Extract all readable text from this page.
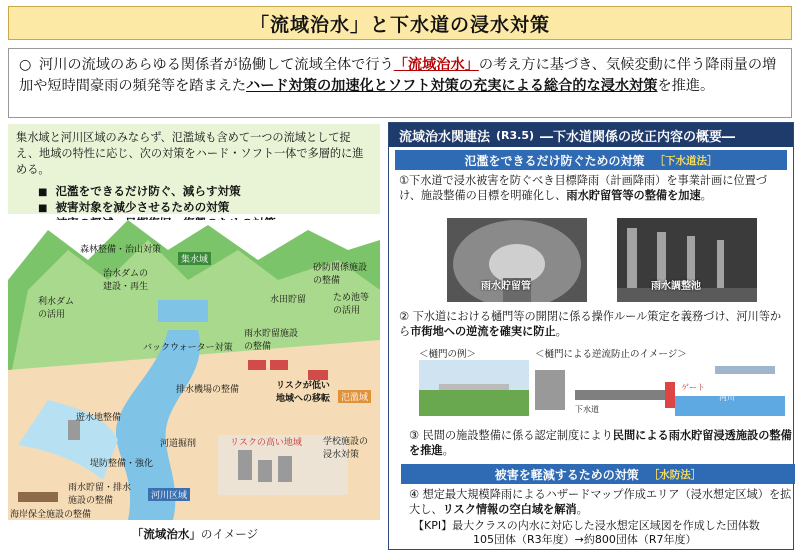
「流域治水」と下水道の浸水対策
○ 河川の流域のあらゆる関係者が協働して流域全体で行う「流域治水」の考え方に基づき、気候変動に伴う降雨量の増加や短時間豪雨の頻発等を踏まえたハード対策の加速化とソフト対策の充実による総合的な浸水対策を推進。
集水域と河川区域のみならず、氾濫域も含めて一つの流域として捉え、地域の特性に応じ、次の対策をハード・ソフト一体で多層的に進める。
■ 氾濫をできるだけ防ぐ、減らす対策
■ 被害対象を減少させるための対策
■
森林整備・治山対策
集水域
治水ダムの
建設・再生
砂防関係施設の整備
利水ダム
の活用
水田貯留	ため池等
の活用
雨水貯留施設
の整備
バックウォーター対策
排水機場の整備	リスクが低い
地域への移転	氾濫域
遊水地整備
河道掘削
堤防整備・強化
リスクの高い地域 学校施設の
浸水対策
雨水貯留・排水
施設の整備	河川区域
海岸保全施設の整備
「流域治水」のイメージ
流域治水関連法 (R3.5) ―下水道関係の改正内容の概要―
氾濫をできるだけ防ぐための対策 ［下水道法］
①下水道で浸水被害を防ぐべき目標降雨（計画降雨）を事業計画に位置づけ、施設整備の目標を明確化し、雨水貯留管等の整備を加速。
雨水貯留管	雨水調整池
② 下水道における樋門等の開閉に係る操作ルール策定を義務づけ、河川等から市街地への逆流を確実に防止。
＜樋門の例＞	＜樋門による逆流防止のイメージ＞
下水道
ゲート
河川
③ 民間の施設整備に係る認定制度により民間による雨水貯留浸透施設の整備を推進。
被害を軽減するための対策 ［水防法］
④ 想定最大規模降雨によるハザードマップ作成エリア（浸水想定区域）を拡大し、リスク情報の空白域を解消。
【KPI】最大クラスの内水に対応した浸水想定区域図を作成した団体数
105団体（R3年度）→約800団体（R7年度）
